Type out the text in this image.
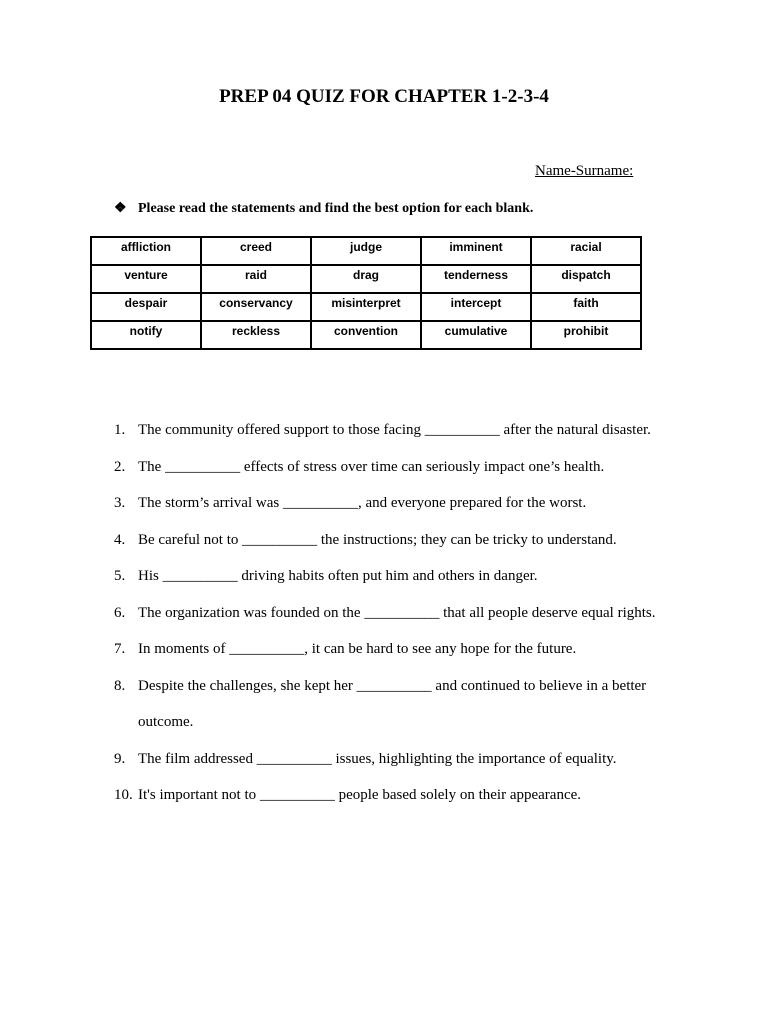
PREP 04 QUIZ FOR CHAPTER 1-2-3-4
Name-Surname:
❖ Please read the statements and find the best option for each blank.
affliction	creed	judge	imminent	racial
venture	raid	drag	tenderness	dispatch
despair	conservancy	misinterpret	intercept	faith
notify	reckless	convention	cumulative	prohibit
1. The community offered support to those facing __________ after the natural disaster.
2. The __________ effects of stress over time can seriously impact one’s health.
3. The storm’s arrival was __________, and everyone prepared for the worst.
4. Be careful not to __________ the instructions; they can be tricky to understand.
5. His __________ driving habits often put him and others in danger.
6. The organization was founded on the __________ that all people deserve equal rights.
7. In moments of __________, it can be hard to see any hope for the future.
8. Despite the challenges, she kept her __________ and continued to believe in a better outcome.
9. The film addressed __________ issues, highlighting the importance of equality.
10. It's important not to __________ people based solely on their appearance.
